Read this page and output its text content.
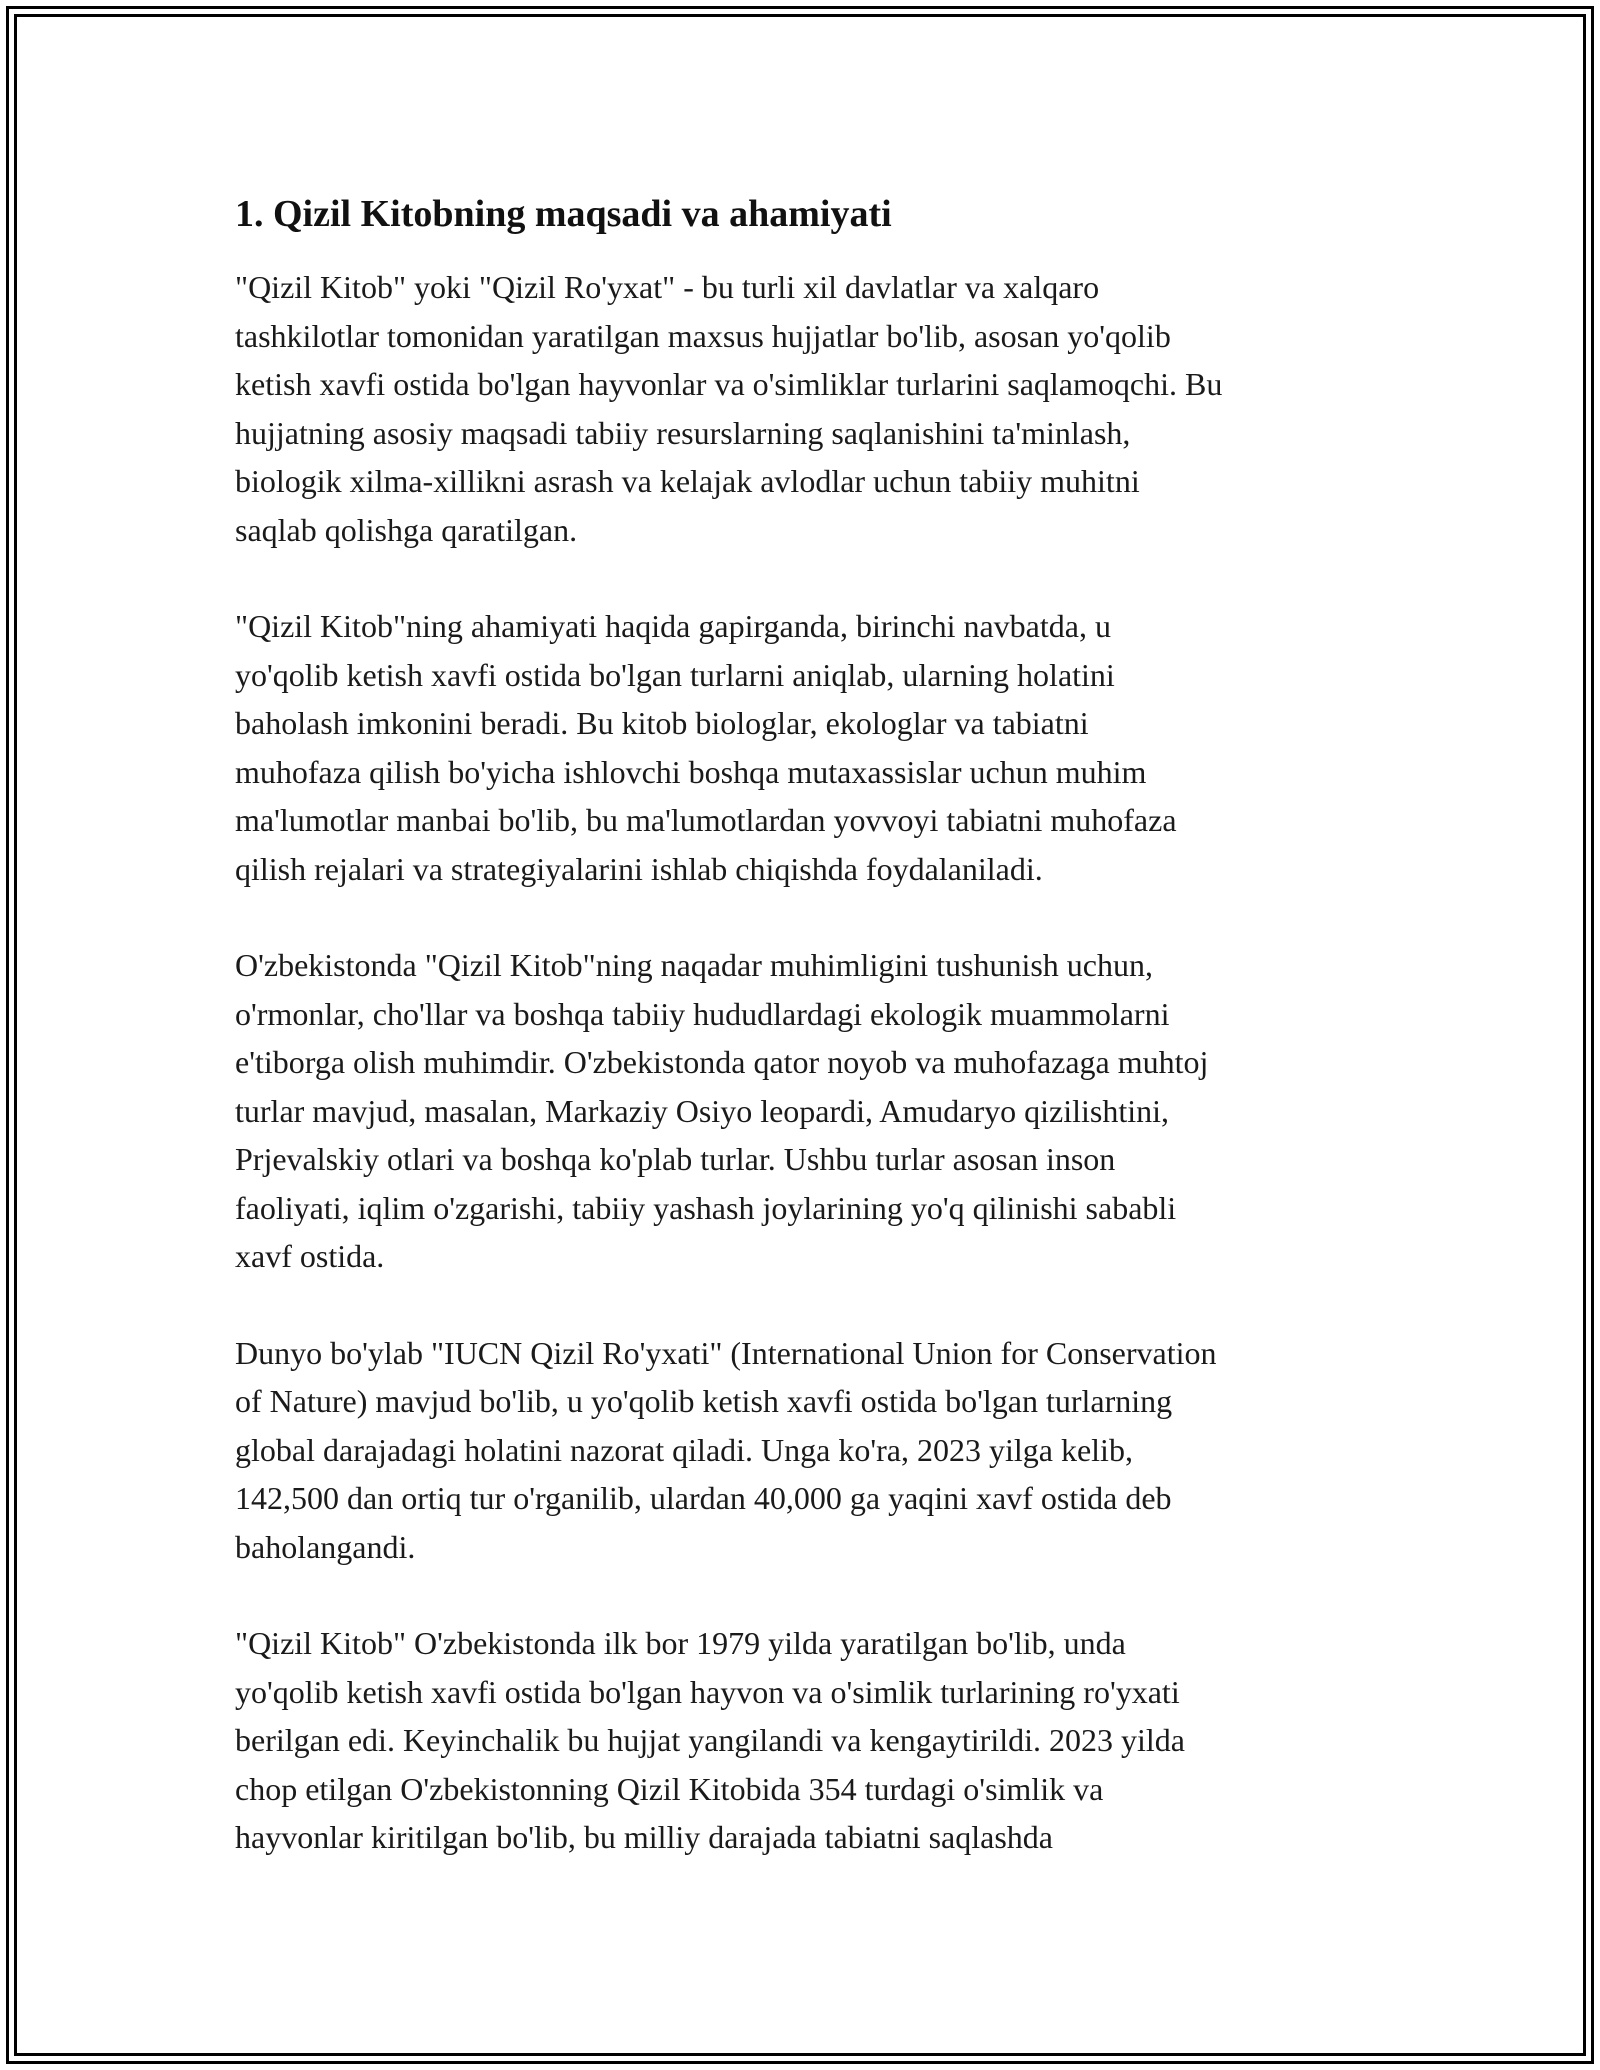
1. Qizil Kitobning maqsadi va ahamiyati
"Qizil Kitob" yoki "Qizil Ro'yxat" - bu turli xil davlatlar va xalqaro
tashkilotlar tomonidan yaratilgan maxsus hujjatlar bo'lib, asosan yo'qolib
ketish xavfi ostida bo'lgan hayvonlar va o'simliklar turlarini saqlamoqchi. Bu
hujjatning asosiy maqsadi tabiiy resurslarning saqlanishini ta'minlash,
biologik xilma-xillikni asrash va kelajak avlodlar uchun tabiiy muhitni
saqlab qolishga qaratilgan.
"Qizil Kitob"ning ahamiyati haqida gapirganda, birinchi navbatda, u
yo'qolib ketish xavfi ostida bo'lgan turlarni aniqlab, ularning holatini
baholash imkonini beradi. Bu kitob biologlar, ekologlar va tabiatni
muhofaza qilish bo'yicha ishlovchi boshqa mutaxassislar uchun muhim
ma'lumotlar manbai bo'lib, bu ma'lumotlardan yovvoyi tabiatni muhofaza
qilish rejalari va strategiyalarini ishlab chiqishda foydalaniladi.
O'zbekistonda "Qizil Kitob"ning naqadar muhimligini tushunish uchun,
o'rmonlar, cho'llar va boshqa tabiiy hududlardagi ekologik muammolarni
e'tiborga olish muhimdir. O'zbekistonda qator noyob va muhofazaga muhtoj
turlar mavjud, masalan, Markaziy Osiyo leopardi, Amudaryo qizilishtini,
Prjevalskiy otlari va boshqa ko'plab turlar. Ushbu turlar asosan inson
faoliyati, iqlim o'zgarishi, tabiiy yashash joylarining yo'q qilinishi sababli
xavf ostida.
Dunyo bo'ylab "IUCN Qizil Ro'yxati" (International Union for Conservation
of Nature) mavjud bo'lib, u yo'qolib ketish xavfi ostida bo'lgan turlarning
global darajadagi holatini nazorat qiladi. Unga ko'ra, 2023 yilga kelib,
142,500 dan ortiq tur o'rganilib, ulardan 40,000 ga yaqini xavf ostida deb
baholangandi.
"Qizil Kitob" O'zbekistonda ilk bor 1979 yilda yaratilgan bo'lib, unda
yo'qolib ketish xavfi ostida bo'lgan hayvon va o'simlik turlarining ro'yxati
berilgan edi. Keyinchalik bu hujjat yangilandi va kengaytirildi. 2023 yilda
chop etilgan O'zbekistonning Qizil Kitobida 354 turdagi o'simlik va
hayvonlar kiritilgan bo'lib, bu milliy darajada tabiatni saqlashda
